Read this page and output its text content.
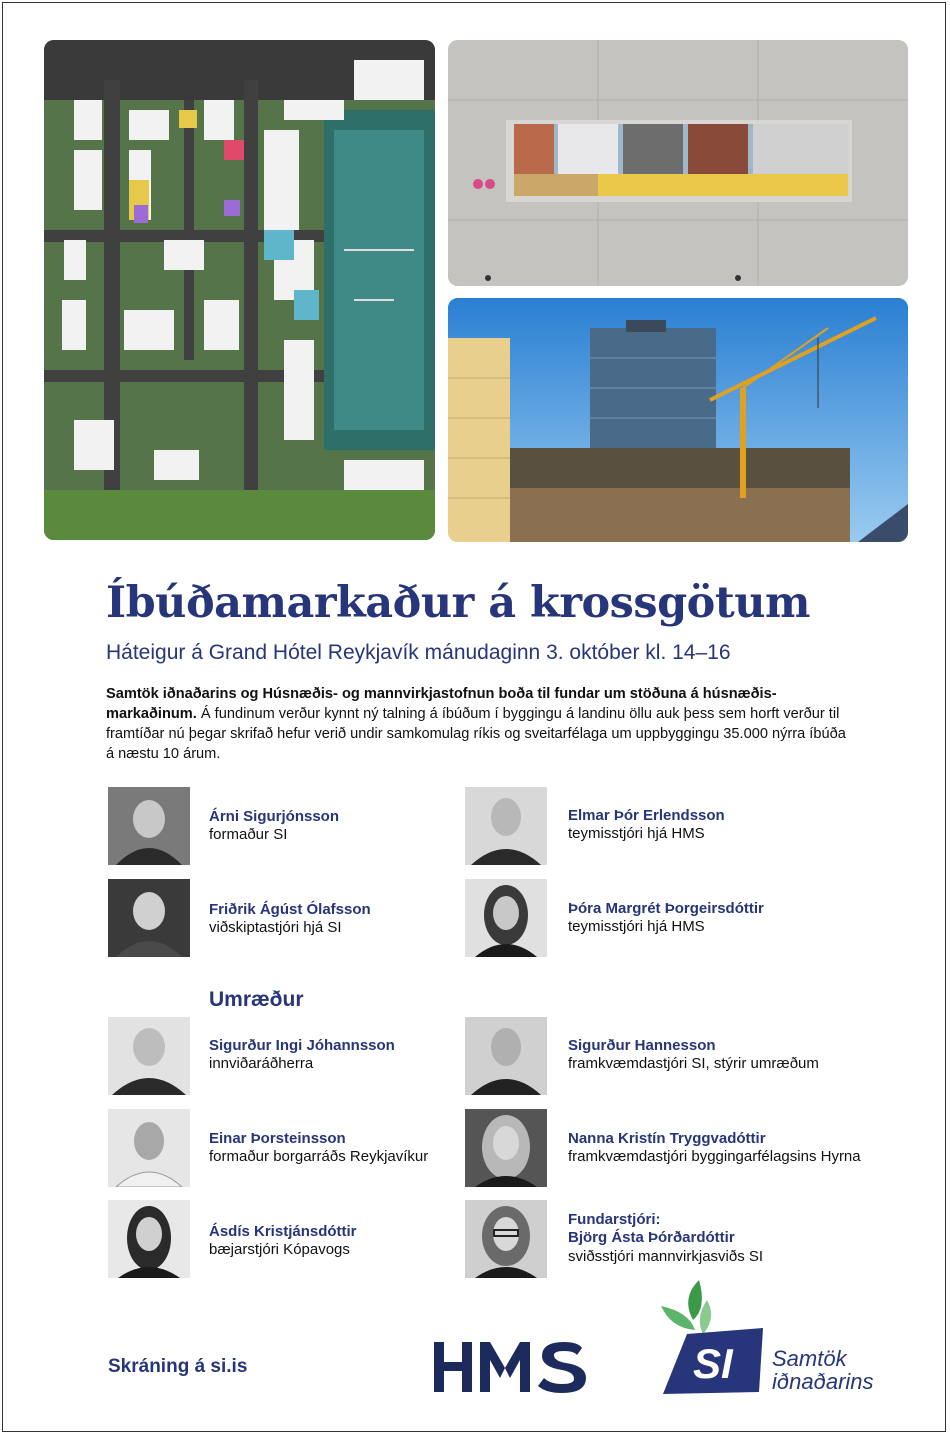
Íbúðamarkaður á krossgötum
Háteigur á Grand Hótel Reykjavík mánudaginn 3. október kl. 14–16
Samtök iðnaðarins og Húsnæðis- og mannvirkjastofnun boða til fundar um stöðuna á húsnæðis-markaðinum. Á fundinum verður kynnt ný talning á íbúðum í byggingu á landinu öllu auk þess sem horft verður til framtíðar nú þegar skrifað hefur verið undir samkomulag ríkis og sveitarfélaga um uppbyggingu 35.000 nýrra íbúða á næstu 10 árum.
Árni Sigurjónsson
formaður SI
Elmar Þór Erlendsson
teymisstjóri hjá HMS
Friðrik Ágúst Ólafsson
viðskiptastjóri hjá SI
Þóra Margrét Þorgeirsdóttir
teymisstjóri hjá HMS
Umræður
Sigurður Ingi Jóhannsson
innviðaráðherra
Sigurður Hannesson
framkvæmdastjóri SI, stýrir umræðum
Einar Þorsteinsson
formaður borgarráðs Reykjavíkur
Nanna Kristín Tryggvadóttir
framkvæmdastjóri byggingarfélagsins Hyrna
Ásdís Kristjánsdóttir
bæjarstjóri Kópavogs
Fundarstjóri:
Björg Ásta Þórðardóttir
sviðsstjóri mannvirkjasviðs SI
Skráning á si.is	SI Samtök
iðnaðarins
